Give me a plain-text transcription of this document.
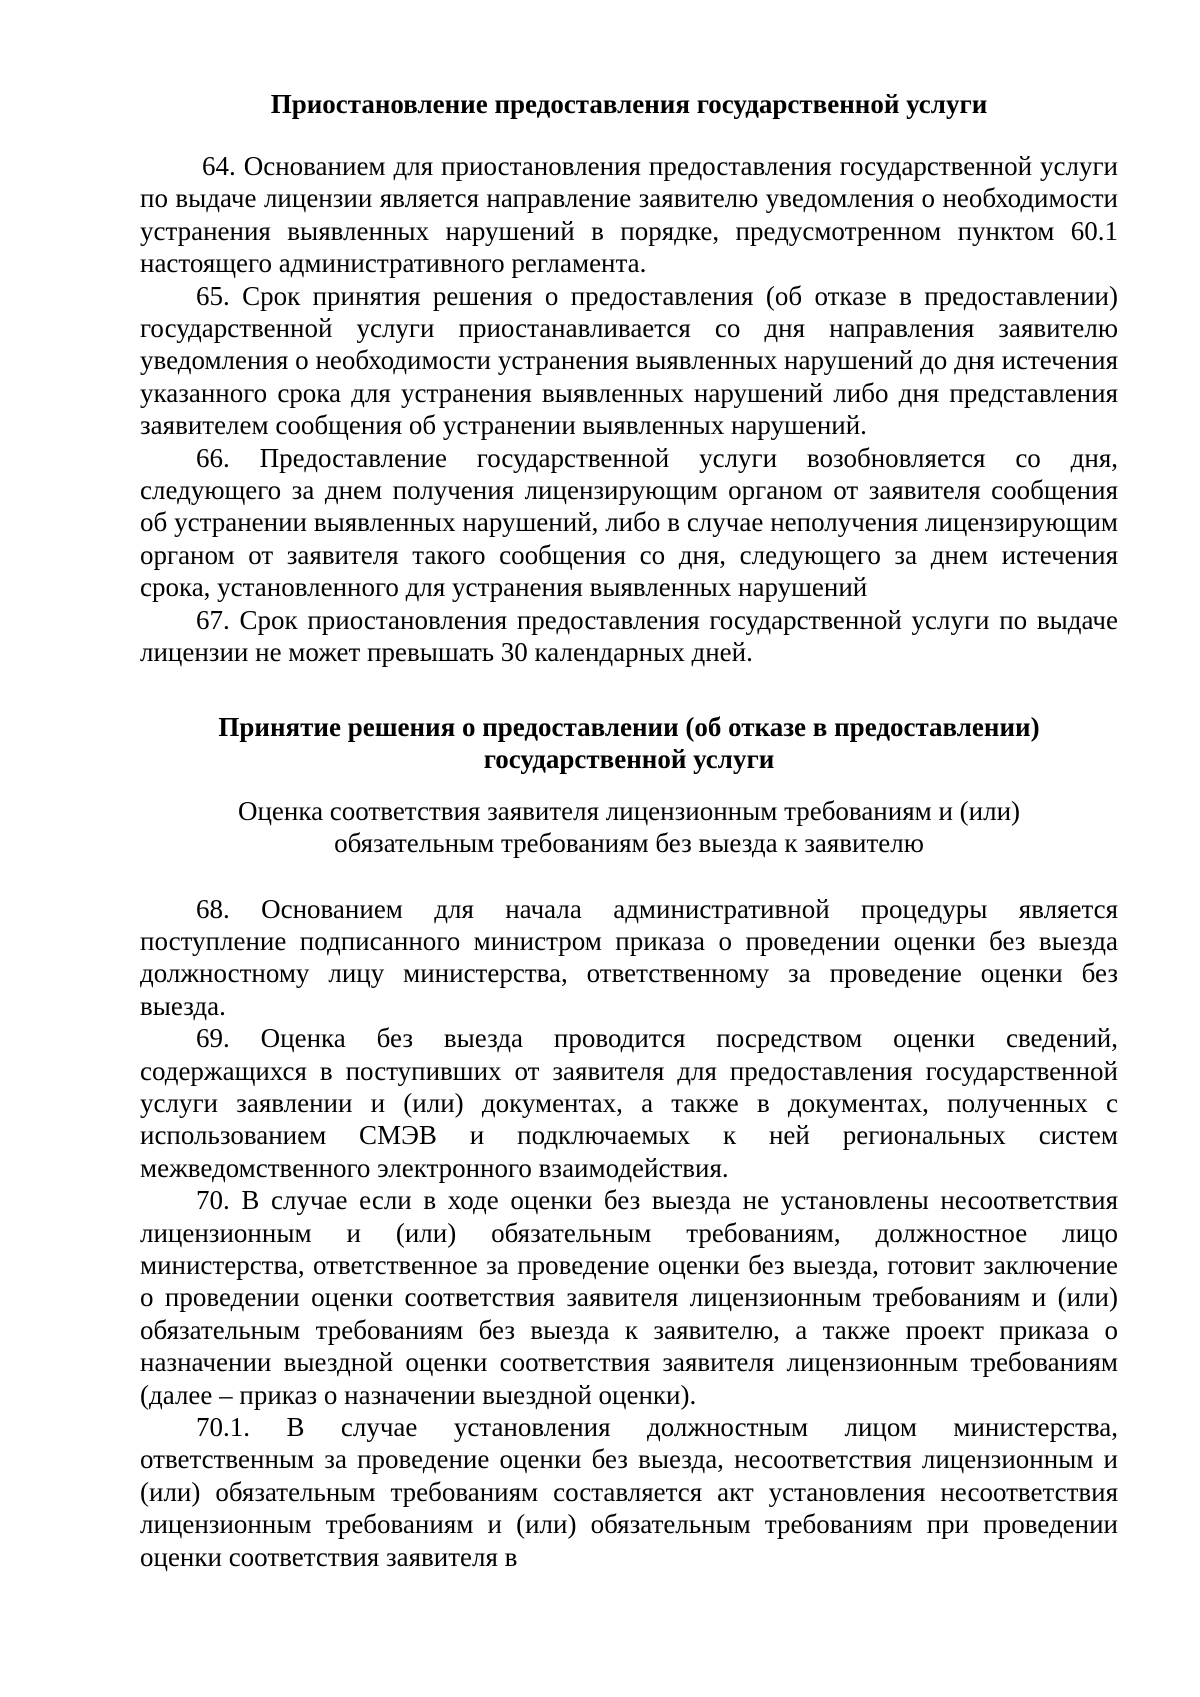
Приостановление предоставления государственной услуги

64. Основанием для приостановления предоставления государственной услуги по выдаче лицензии является направление заявителю уведомления о необходимости устранения выявленных нарушений в порядке, предусмотренном пунктом 60.1 настоящего административного регламента.

65. Срок принятия решения о предоставления (об отказе в предоставлении) государственной услуги приостанавливается со дня направления заявителю уведомления о необходимости устранения выявленных нарушений до дня истечения указанного срока для устранения выявленных нарушений либо дня представления заявителем сообщения об устранении выявленных нарушений.

66. Предоставление государственной услуги возобновляется со дня, следующего за днем получения лицензирующим органом от заявителя сообщения об устранении выявленных нарушений, либо в случае неполучения лицензирующим органом от заявителя такого сообщения со дня, следующего за днем истечения срока, установленного для устранения выявленных нарушений

67. Срок приостановления предоставления государственной услуги по выдаче лицензии не может превышать 30 календарных дней.

Принятие решения о предоставлении (об отказе в предоставлении)

государственной услуги

Оценка соответствия заявителя лицензионным требованиям и (или)

обязательным требованиям без выезда к заявителю

68. Основанием для начала административной процедуры является поступление подписанного министром приказа о проведении оценки без выезда должностному лицу министерства, ответственному за проведение оценки без выезда.

69. Оценка без выезда проводится посредством оценки сведений, содержащихся в поступивших от заявителя для предоставления государственной услуги заявлении и (или) документах, а также в документах, полученных с использованием СМЭВ и подключаемых к ней региональных систем межведомственного электронного взаимодействия.

70. В случае если в ходе оценки без выезда не установлены несоответствия лицензионным и (или) обязательным требованиям, должностное лицо министерства, ответственное за проведение оценки без выезда, готовит заключение о проведении оценки соответствия заявителя лицензионным требованиям и (или) обязательным требованиям без выезда к заявителю, а также проект приказа о назначении выездной оценки соответствия заявителя лицензионным требованиям (далее – приказ о назначении выездной оценки).

70.1. В случае установления должностным лицом министерства, ответственным за проведение оценки без выезда, несоответствия лицензионным и (или) обязательным требованиям составляется акт установления несоответствия лицензионным требованиям и (или) обязательным требованиям при проведении оценки соответствия заявителя в
